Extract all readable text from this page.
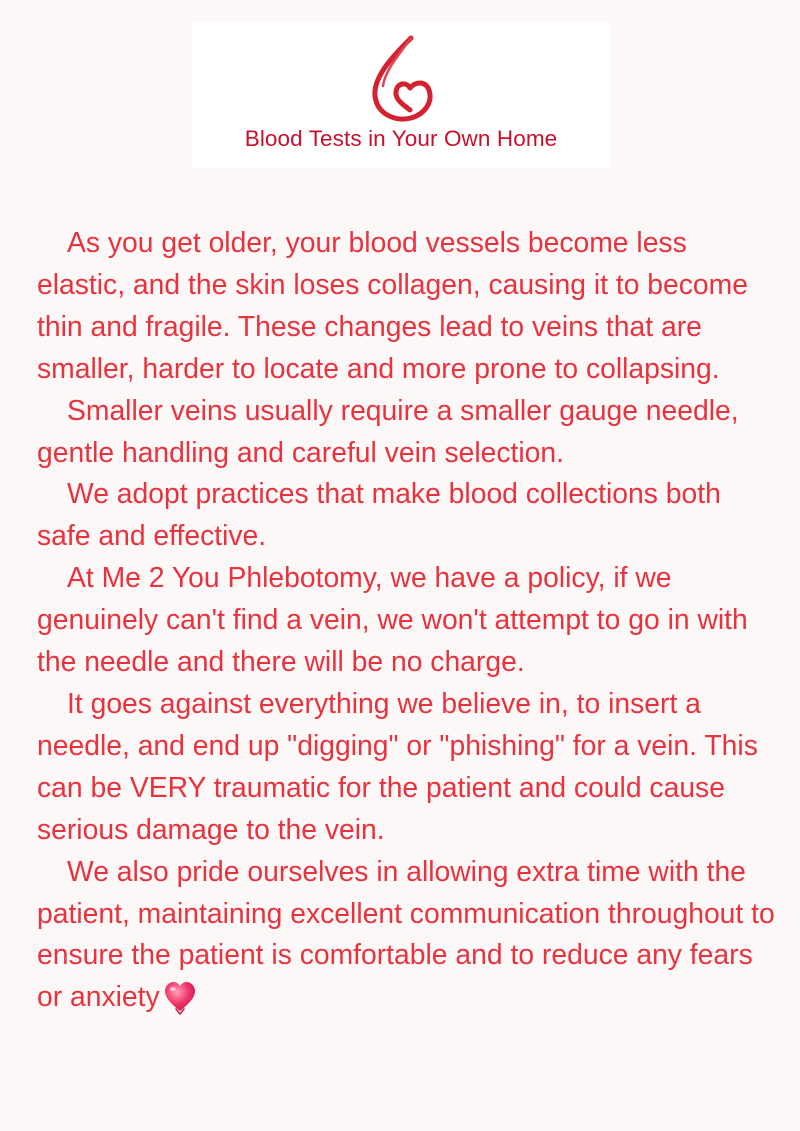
Blood Tests in Your Own Home

As you get older, your blood vessels become less elastic, and the skin loses collagen, causing it to become thin and fragile. These changes lead to veins that are smaller, harder to locate and more prone to collapsing.

Smaller veins usually require a smaller gauge needle, gentle handling and careful vein selection.

We adopt practices that make blood collections both safe and effective.

At Me 2 You Phlebotomy, we have a policy, if we genuinely can't find a vein, we won't attempt to go in with the needle and there will be no charge.

It goes against everything we believe in, to insert a needle, and end up "digging" or "phishing" for a vein. This can be VERY traumatic for the patient and could cause serious damage to the vein.

We also pride ourselves in allowing extra time with the patient, maintaining excellent communication throughout to ensure the patient is comfortable and to reduce any fears or anxiety
